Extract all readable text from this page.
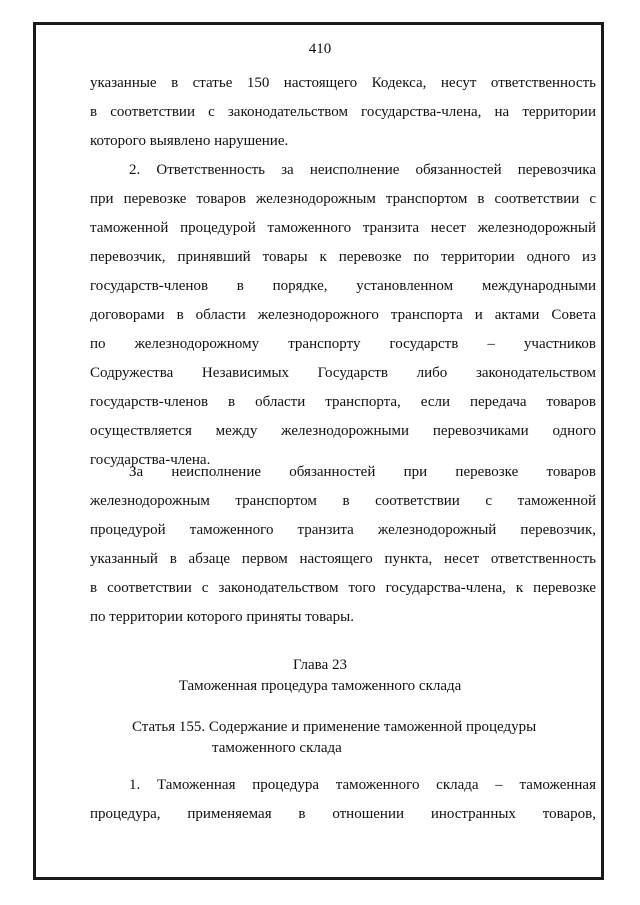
410
указанные в статье 150 настоящего Кодекса, несут ответственность
в соответствии с законодательством государства-члена, на территории
которого выявлено нарушение.
2. Ответственность за неисполнение обязанностей перевозчика
при перевозке товаров железнодорожным транспортом в соответствии с
таможенной процедурой таможенного транзита несет железнодорожный
перевозчик, принявший товары к перевозке по территории одного из
государств-членов в порядке, установленном международными
договорами в области железнодорожного транспорта и актами Совета
по железнодорожному транспорту государств – участников
Содружества Независимых Государств либо законодательством
государств-членов в области транспорта, если передача товаров
осуществляется между железнодорожными перевозчиками одного
государства-члена.
За неисполнение обязанностей при перевозке товаров
железнодорожным транспортом в соответствии с таможенной
процедурой таможенного транзита железнодорожный перевозчик,
указанный в абзаце первом настоящего пункта, несет ответственность
в соответствии с законодательством того государства-члена, к перевозке
по территории которого приняты товары.
Глава 23
Таможенная процедура таможенного склада
Статья 155. Содержание и применение таможенной процедуры
таможенного склада
1. Таможенная процедура таможенного склада – таможенная
процедура, применяемая в отношении иностранных товаров,
